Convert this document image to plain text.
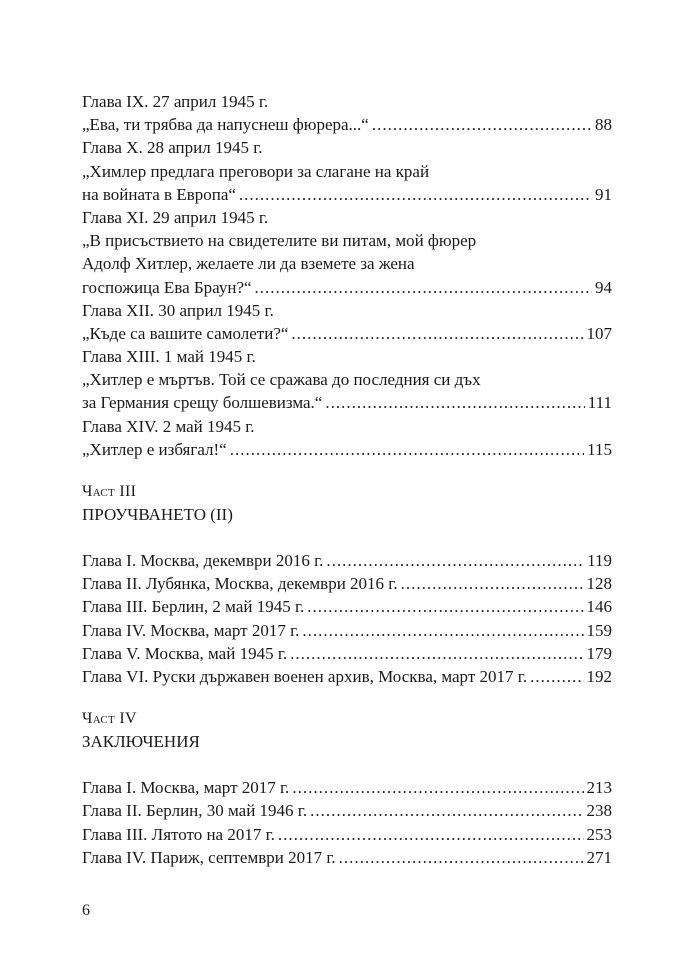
Глава IX. 27 април 1945 г.
„Ева, ти трябва да напуснеш фюрера...“ .....	88
Глава X. 28 април 1945 г.
„Химлер предлага преговори за слагане на край
на войната в Европа“ .....	91
Глава XI. 29 април 1945 г.
„В присъствието на свидетелите ви питам, мой фюрер
Адолф Хитлер, желаете ли да вземете за жена
госпожица Ева Браун?“ .....	94
Глава XII. 30 април 1945 г.
„Къде са вашите самолети?“ .....	107
Глава XIII. 1 май 1945 г.
„Хитлер е мъртъв. Той се сражава до последния си дъх
за Германия срещу болшевизма.“ .....	111
Глава XIV. 2 май 1945 г.
„Хитлер е избягал!“ .....	115
Част III
ПРОУЧВАНЕТО (II)
Глава I. Москва, декември 2016 г. .....	119
Глава II. Лубянка, Москва, декември 2016 г. .....	128
Глава III. Берлин, 2 май 1945 г. .....	146
Глава IV. Москва, март 2017 г. .....	159
Глава V. Москва, май 1945 г. .....	179
Глава VI. Руски държавен военен архив, Москва, март 2017 г. .....	192
Част IV
ЗАКЛЮЧЕНИЯ
Глава I. Москва, март 2017 г. .....	213
Глава II. Берлин, 30 май 1946 г. .....	238
Глава III. Лятото на 2017 г. .....	253
Глава IV. Париж, септември 2017 г. .....	271
6
